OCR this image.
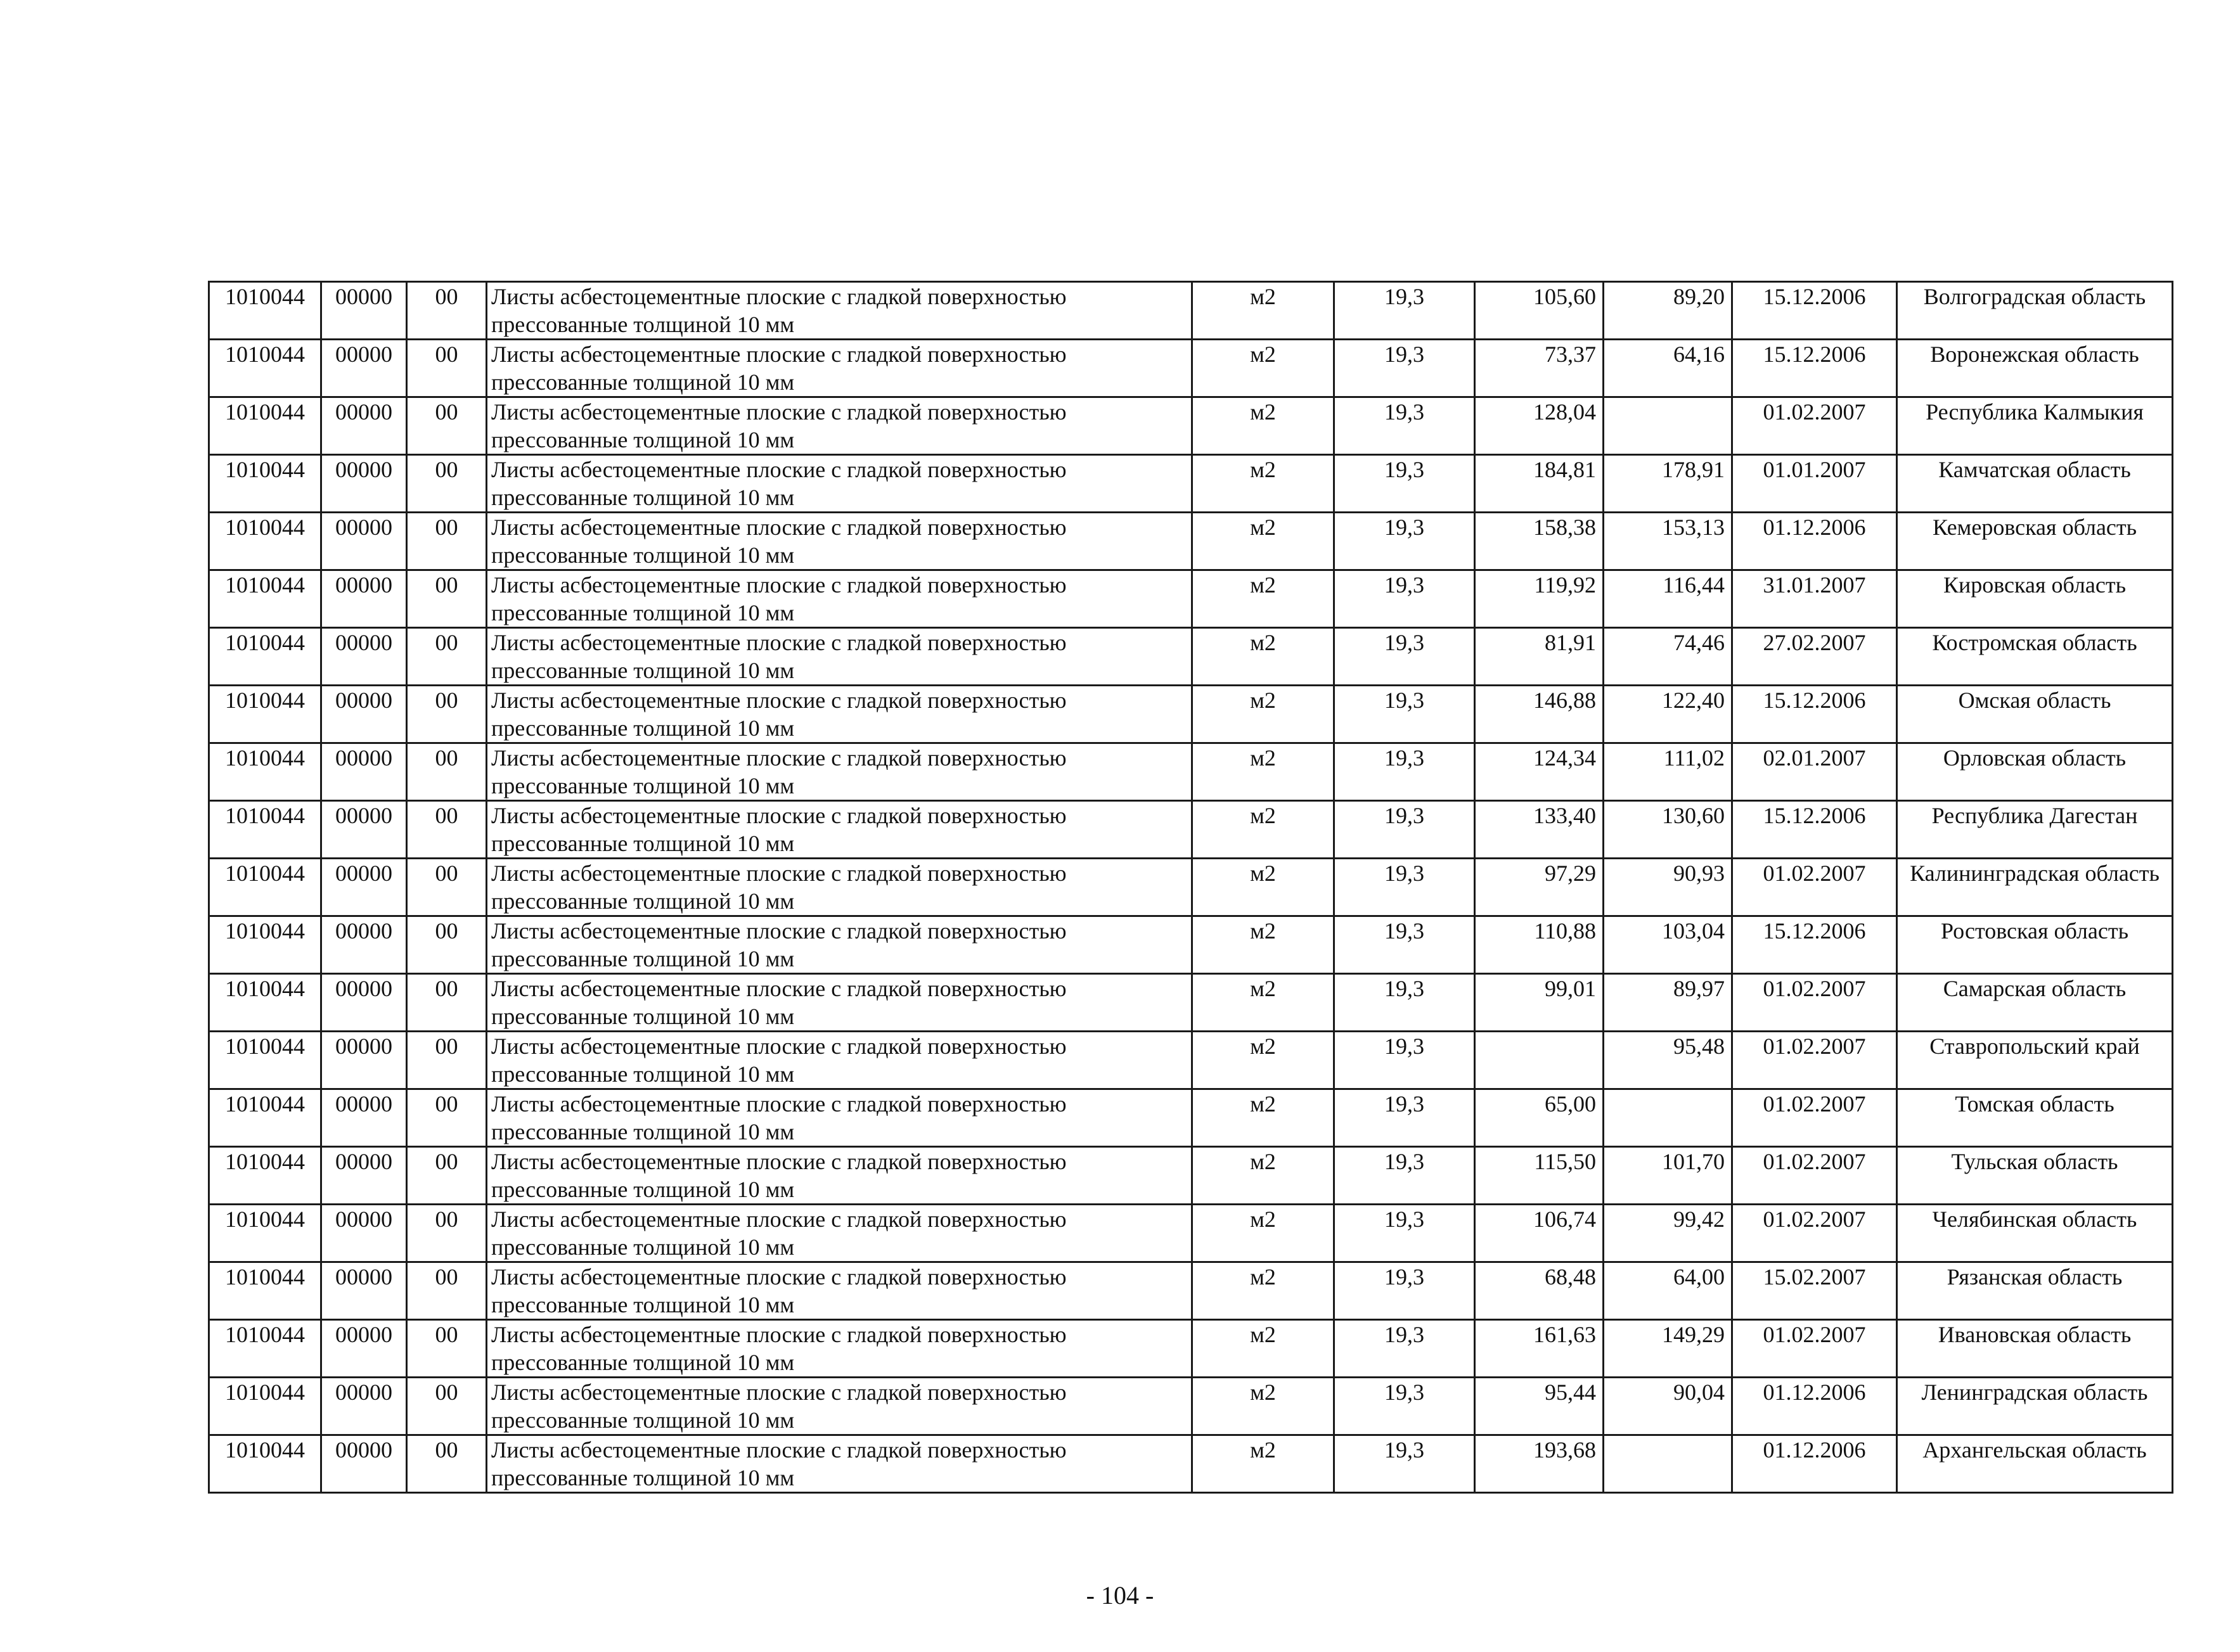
1010044	00000	00	Листы асбестоцементные плоские с гладкой поверхностью прессованные толщиной 10 мм	м2	19,3	105,60	89,20	15.12.2006	Волгоградская область
1010044	00000	00	Листы асбестоцементные плоские с гладкой поверхностью прессованные толщиной 10 мм	м2	19,3	73,37	64,16	15.12.2006	Воронежская область
1010044	00000	00	Листы асбестоцементные плоские с гладкой поверхностью прессованные толщиной 10 мм	м2	19,3	128,04		01.02.2007	Республика Калмыкия
1010044	00000	00	Листы асбестоцементные плоские с гладкой поверхностью прессованные толщиной 10 мм	м2	19,3	184,81	178,91	01.01.2007	Камчатская область
1010044	00000	00	Листы асбестоцементные плоские с гладкой поверхностью прессованные толщиной 10 мм	м2	19,3	158,38	153,13	01.12.2006	Кемеровская область
1010044	00000	00	Листы асбестоцементные плоские с гладкой поверхностью прессованные толщиной 10 мм	м2	19,3	119,92	116,44	31.01.2007	Кировская область
1010044	00000	00	Листы асбестоцементные плоские с гладкой поверхностью прессованные толщиной 10 мм	м2	19,3	81,91	74,46	27.02.2007	Костромская область
1010044	00000	00	Листы асбестоцементные плоские с гладкой поверхностью прессованные толщиной 10 мм	м2	19,3	146,88	122,40	15.12.2006	Омская область
1010044	00000	00	Листы асбестоцементные плоские с гладкой поверхностью прессованные толщиной 10 мм	м2	19,3	124,34	111,02	02.01.2007	Орловская область
1010044	00000	00	Листы асбестоцементные плоские с гладкой поверхностью прессованные толщиной 10 мм	м2	19,3	133,40	130,60	15.12.2006	Республика Дагестан
1010044	00000	00	Листы асбестоцементные плоские с гладкой поверхностью прессованные толщиной 10 мм	м2	19,3	97,29	90,93	01.02.2007	Калининградская область
1010044	00000	00	Листы асбестоцементные плоские с гладкой поверхностью прессованные толщиной 10 мм	м2	19,3	110,88	103,04	15.12.2006	Ростовская область
1010044	00000	00	Листы асбестоцементные плоские с гладкой поверхностью прессованные толщиной 10 мм	м2	19,3	99,01	89,97	01.02.2007	Самарская область
1010044	00000	00	Листы асбестоцементные плоские с гладкой поверхностью прессованные толщиной 10 мм	м2	19,3		95,48	01.02.2007	Ставропольский край
1010044	00000	00	Листы асбестоцементные плоские с гладкой поверхностью прессованные толщиной 10 мм	м2	19,3	65,00		01.02.2007	Томская область
1010044	00000	00	Листы асбестоцементные плоские с гладкой поверхностью прессованные толщиной 10 мм	м2	19,3	115,50	101,70	01.02.2007	Тульская область
1010044	00000	00	Листы асбестоцементные плоские с гладкой поверхностью прессованные толщиной 10 мм	м2	19,3	106,74	99,42	01.02.2007	Челябинская область
1010044	00000	00	Листы асбестоцементные плоские с гладкой поверхностью прессованные толщиной 10 мм	м2	19,3	68,48	64,00	15.02.2007	Рязанская область
1010044	00000	00	Листы асбестоцементные плоские с гладкой поверхностью прессованные толщиной 10 мм	м2	19,3	161,63	149,29	01.02.2007	Ивановская область
1010044	00000	00	Листы асбестоцементные плоские с гладкой поверхностью прессованные толщиной 10 мм	м2	19,3	95,44	90,04	01.12.2006	Ленинградская область
1010044	00000	00	Листы асбестоцементные плоские с гладкой поверхностью прессованные толщиной 10 мм	м2	19,3	193,68		01.12.2006	Архангельская область
- 104 -
